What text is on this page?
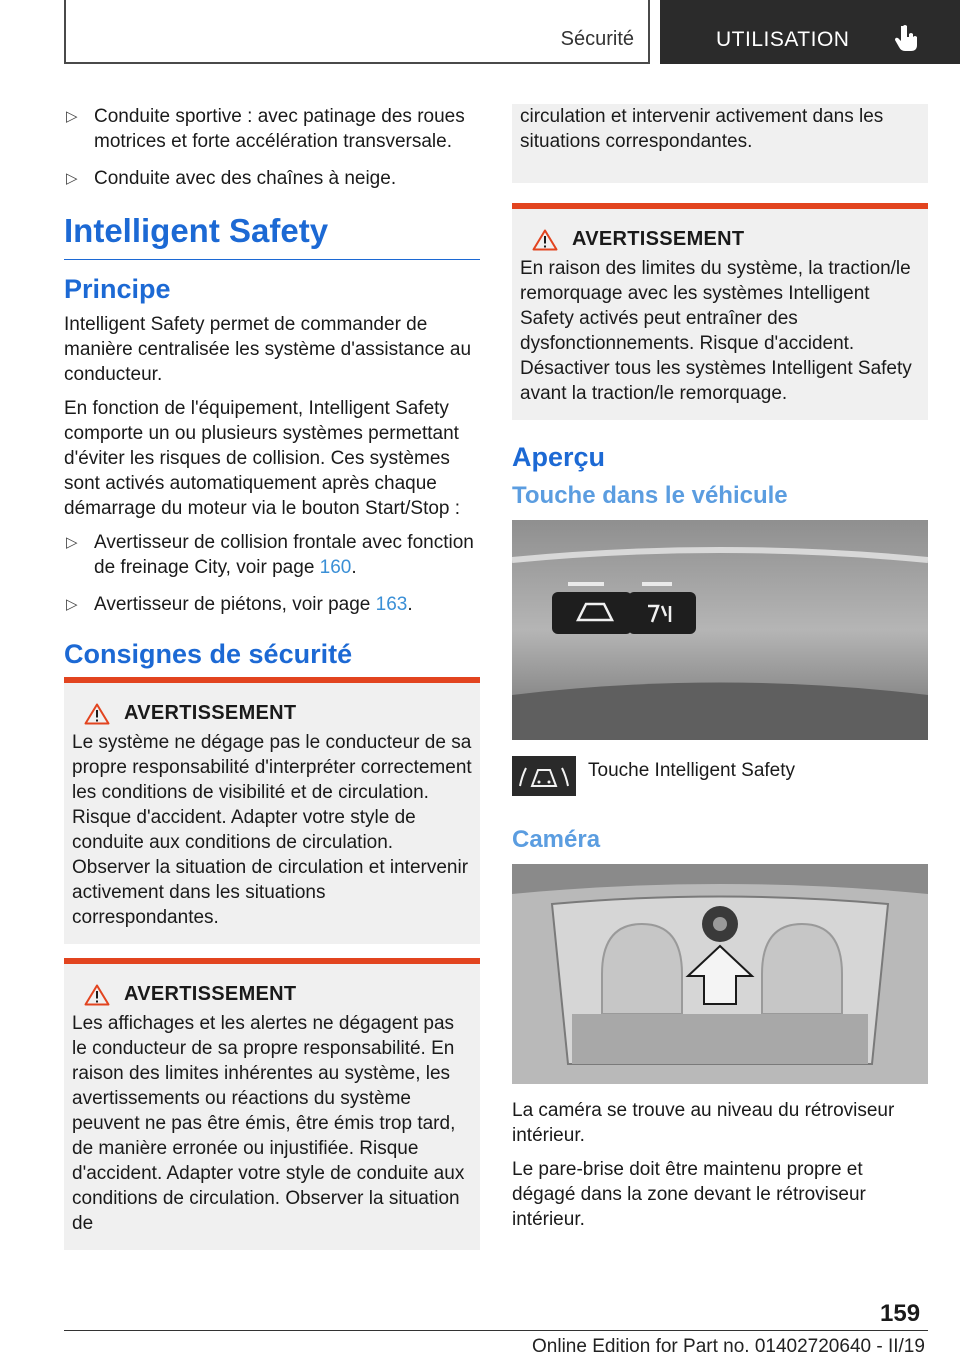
Sécurité	UTILISATION
▷ Conduite sportive : avec patinage des roues motrices et forte accélération transversale.
▷ Conduite avec des chaînes à neige.
Intelligent Safety
Principe

Intelligent Safety permet de commander de manière centralisée les système d'assistance au conducteur.

En fonction de l'équipement, Intelligent Safety comporte un ou plusieurs systèmes permettant d'éviter les risques de collision. Ces systèmes sont activés automatiquement après chaque démarrage du moteur via le bouton Start/Stop :

▷ Avertisseur de collision frontale avec fonction de freinage City, voir page 160.
▷ Avertisseur de piétons, voir page 163.
Consignes de sécurité
AVERTISSEMENT

Le système ne dégage pas le conducteur de sa propre responsabilité d'interpréter correctement les conditions de visibilité et de circulation. Risque d'accident. Adapter votre style de conduite aux conditions de circulation. Observer la situation de circulation et intervenir activement dans les situations correspondantes.

AVERTISSEMENT

Les affichages et les alertes ne dégagent pas le conducteur de sa propre responsabilité. En raison des limites inhérentes au système, les avertissements ou réactions du système peuvent ne pas être émis, être émis trop tard, de manière erronée ou injustifiée. Risque d'accident. Adapter votre style de conduite aux conditions de circulation. Observer la situation de

circulation et intervenir activement dans les situations correspondantes.

AVERTISSEMENT

En raison des limites du système, la traction/le remorquage avec les systèmes Intelligent Safety activés peut entraîner des dysfonctionnements. Risque d'accident. Désactiver tous les systèmes Intelligent Safety avant la traction/le remorquage.

Aperçu
Touche dans le véhicule
Touche Intelligent Safety
Caméra

La caméra se trouve au niveau du rétroviseur intérieur.

Le pare-brise doit être maintenu propre et dégagé dans la zone devant le rétroviseur intérieur.

159
Online Edition for Part no. 01402720640 - II/19
